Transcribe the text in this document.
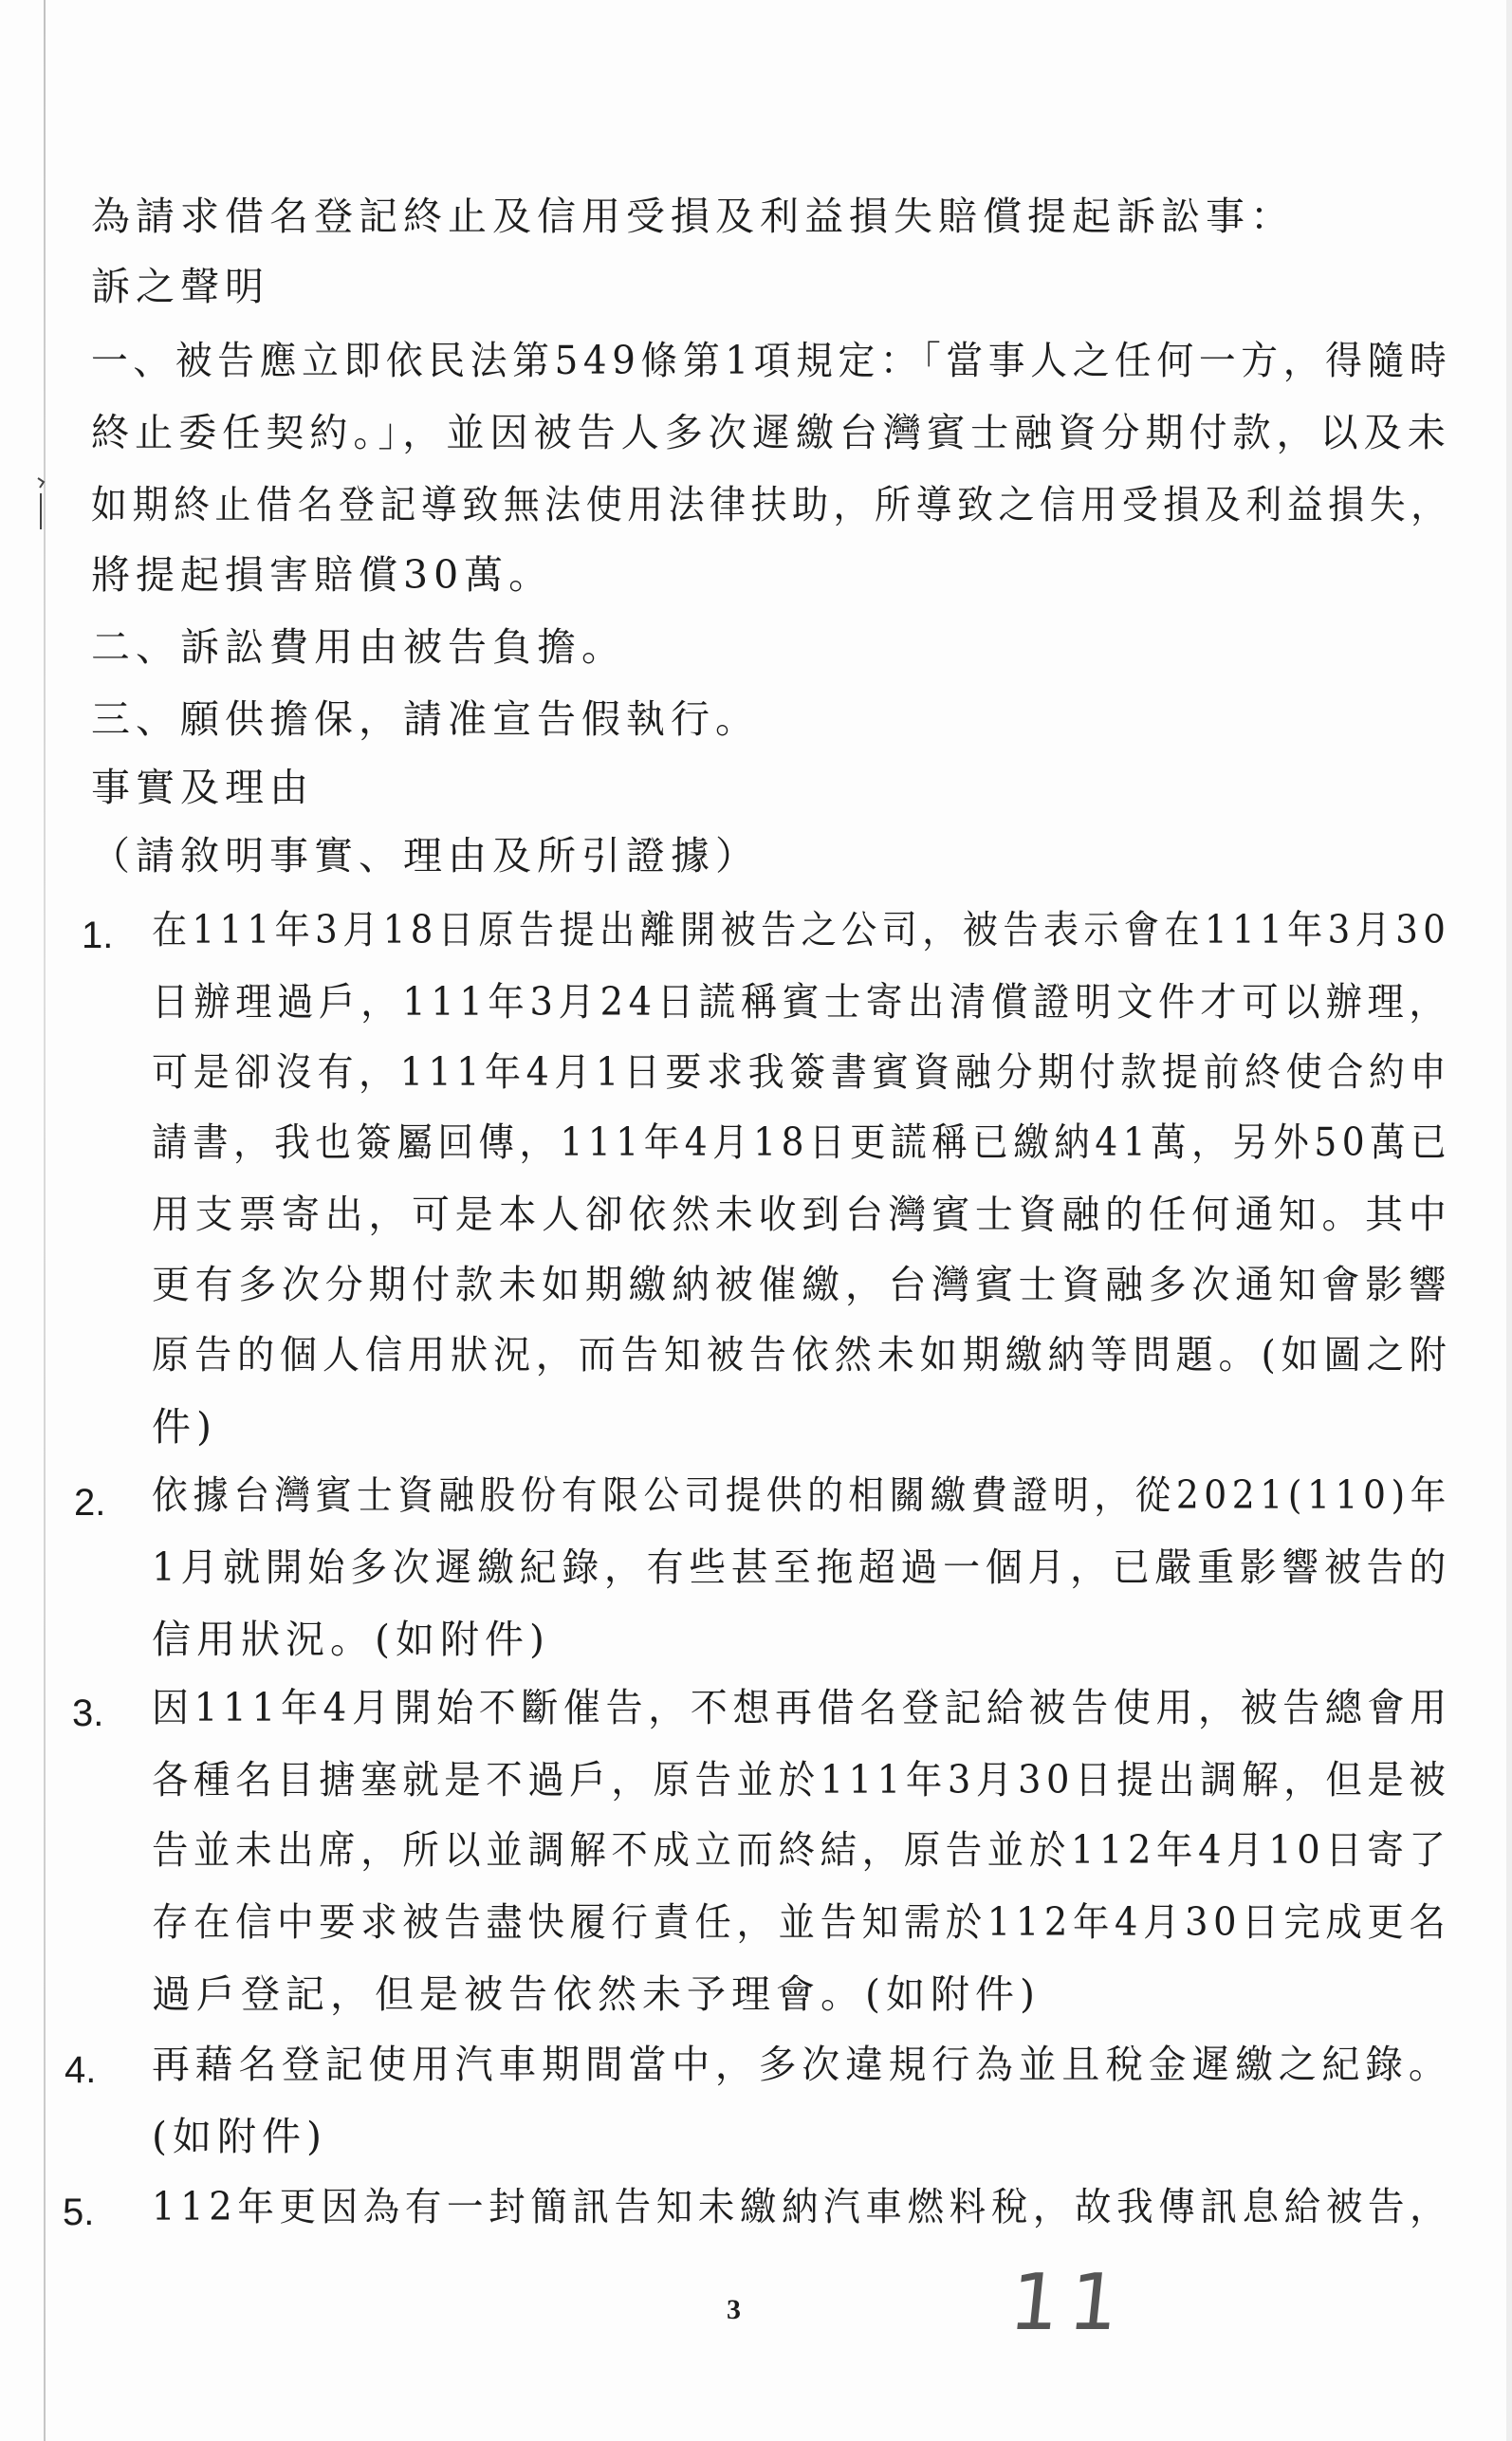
為請求借名登記終止及信用受損及利益損失賠償提起訴訟事：
訴之聲明
一、被告應立即依民法第549條第1項規定：「當事人之任何一方，得隨時
終止委任契約。」，並因被告人多次遲繳台灣賓士融資分期付款，以及未
如期終止借名登記導致無法使用法律扶助，所導致之信用受損及利益損失，
將提起損害賠償30萬。
二、訴訟費用由被告負擔。
三、願供擔保，請准宣告假執行。
事實及理由
（請敘明事實、理由及所引證據）
1. 在111年3月18日原告提出離開被告之公司，被告表示會在111年3月30
日辦理過戶，111年3月24日謊稱賓士寄出清償證明文件才可以辦理，
可是卻沒有，111年4月1日要求我簽書賓資融分期付款提前終使合約申
請書，我也簽屬回傳，111年4月18日更謊稱已繳納41萬，另外50萬已
用支票寄出，可是本人卻依然未收到台灣賓士資融的任何通知。其中
更有多次分期付款未如期繳納被催繳，台灣賓士資融多次通知會影響
原告的個人信用狀況，而告知被告依然未如期繳納等問題。(如圖之附
件)
2. 依據台灣賓士資融股份有限公司提供的相關繳費證明，從2021(110)年
1月就開始多次遲繳紀錄，有些甚至拖超過一個月，已嚴重影響被告的
信用狀況。(如附件)
3. 因111年4月開始不斷催告，不想再借名登記給被告使用，被告總會用
各種名目搪塞就是不過戶，原告並於111年3月30日提出調解，但是被
告並未出席，所以並調解不成立而終結，原告並於112年4月10日寄了
存在信中要求被告盡快履行責任，並告知需於112年4月30日完成更名
過戶登記，但是被告依然未予理會。(如附件)
4. 再藉名登記使用汽車期間當中，多次違規行為並且稅金遲繳之紀錄。
(如附件)
5. 112年更因為有一封簡訊告知未繳納汽車燃料稅，故我傳訊息給被告，
3	11
